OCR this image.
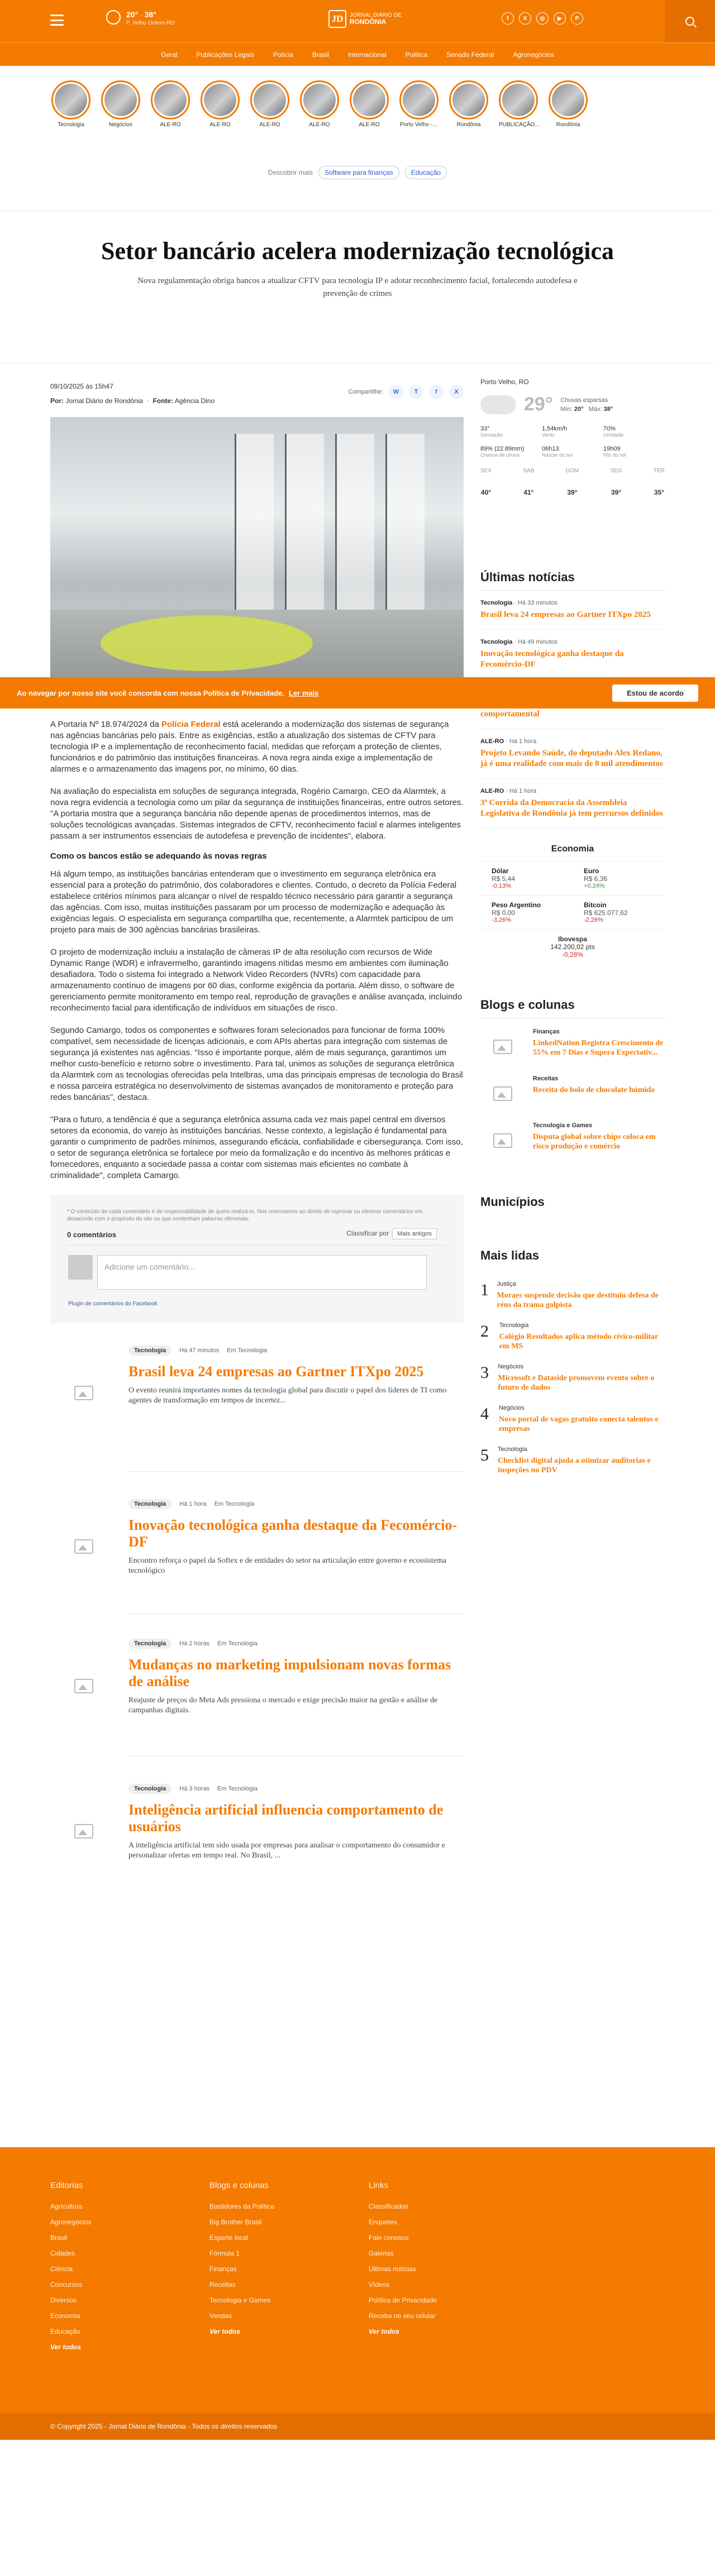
20° · 38°
P. Velho Ontem-RO	JD	JORNAL DIÁRIO DE
RONDÔNIA	f	X	◎	▶	P
Geral	Publicações Legais	Polícia	Brasil	Internacional	Política	Senado Federal	Agronegócios
Tecnologia	Negócios	ALE-RO	ALE-RO	ALE-RO	ALE-RO	ALE-RO	Porto Velho -…	Rondônia	PUBLICAÇÃO…	Rondônia
Descobrir mais	Software para finanças	Educação
Setor bancário acelera modernização tecnológica

Nova regulamentação obriga bancos a atualizar CFTV para tecnologia IP e adotar reconhecimento facial, fortalecendo autodefesa e prevenção de crimes

09/10/2025 às 15h47
Por: Jornal Diário de Rondônia  ·  Fonte: Agência Dino
Compartilhe:	W	T	f	X

A Portaria Nº 18.974/2024 da Polícia Federal está acelerando a modernização dos sistemas de segurança nas agências bancárias pelo país. Entre as exigências, estão a atualização dos sistemas de CFTV para tecnologia IP e a implementação de reconhecimento facial, medidas que reforçam a proteção de clientes, funcionários e do patrimônio das instituições financeiras. A nova regra ainda exige a implementação de alarmes e o armazenamento das imagens por, no mínimo, 60 dias.

Na avaliação do especialista em soluções de segurança integrada, Rogério Camargo, CEO da Alarmtek, a nova regra evidencia a tecnologia como um pilar da segurança de instituições financeiras, entre outros setores. "A portaria mostra que a segurança bancária não depende apenas de procedimentos internos, mas de soluções tecnológicas avançadas. Sistemas integrados de CFTV, reconhecimento facial e alarmes inteligentes passam a ser instrumentos essenciais de autodefesa e prevenção de incidentes", elabora.

Como os bancos estão se adequando às novas regras

Há algum tempo, as instituições bancárias entenderam que o investimento em segurança eletrônica era essencial para a proteção do patrimônio, dos colaboradores e clientes. Contudo, o decreto da Polícia Federal estabelece critérios mínimos para alcançar o nível de respaldo técnico necessário para garantir a segurança das agências. Com isso, muitas instituições passaram por um processo de modernização e adequação às exigências legais. O especialista em segurança compartilha que, recentemente, a Alarmtek participou de um projeto para mais de 300 agências bancárias brasileiras.

O projeto de modernização incluiu a instalação de câmeras IP de alta resolução com recursos de Wide Dynamic Range (WDR) e infravermelho, garantindo imagens nítidas mesmo em ambientes com iluminação desafiadora. Todo o sistema foi integrado a Network Video Recorders (NVRs) com capacidade para armazenamento contínuo de imagens por 60 dias, conforme exigência da portaria. Além disso, o software de gerenciamento permite monitoramento em tempo real, reprodução de gravações e análise avançada, incluindo reconhecimento facial para identificação de indivíduos em situações de risco.

Segundo Camargo, todos os componentes e softwares foram selecionados para funcionar de forma 100% compatível, sem necessidade de licenças adicionais, e com APIs abertas para integração com sistemas de segurança já existentes nas agências. "Isso é importante porque, além de mais segurança, garantimos um melhor custo-benefício e retorno sobre o investimento. Para tal, unimos as soluções de segurança eletrônica da Alarmtek com as tecnologias oferecidas pela Intelbras, uma das principais empresas de tecnologia do Brasil e nossa parceira estratégica no desenvolvimento de sistemas avançados de monitoramento e proteção para redes bancárias", destaca.

"Para o futuro, a tendência é que a segurança eletrônica assuma cada vez mais papel central em diversos setores da economia, do varejo às instituições bancárias. Nesse contexto, a legislação é fundamental para garantir o cumprimento de padrões mínimos, assegurando eficácia, confiabilidade e cibersegurança. Com isso, o setor de segurança eletrônica se fortalece por meio da formalização e do incentivo às melhores práticas e fornecedores, enquanto a sociedade passa a contar com sistemas mais eficientes no combate à criminalidade", completa Camargo.

* O conteúdo de cada comentário é de responsabilidade de quem realizá-lo. Nos reservamos ao direito de reprovar ou eliminar comentários em desacordo com o propósito do site ou que contenham palavras ofensivas.
0 comentários	Classificar por Mais antigos
Adicione um comentário...
Plugin de comentários do Facebook
Tecnologia	Há 47 minutos Em Tecnologia
Brasil leva 24 empresas ao Gartner ITXpo 2025
O evento reunirá importantes nomes da tecnologia global para discutir o papel dos líderes de TI como agentes de transformação em tempos de incertez...
Tecnologia	Há 1 hora Em Tecnologia
Inovação tecnológica ganha destaque da Fecomércio-DF
Encontro reforça o papel da Softex e de entidades do setor na articulação entre governo e ecossistema tecnológico
Tecnologia	Há 2 horas Em Tecnologia
Mudanças no marketing impulsionam novas formas de análise
Reajuste de preços do Meta Ads pressiona o mercado e exige precisão maior na gestão e análise de campanhas digitais.
Tecnologia	Há 3 horas Em Tecnologia
Inteligência artificial influencia comportamento de usuários
A inteligência artificial tem sido usada por empresas para analisar o comportamento do consumidor e personalizar ofertas em tempo real. No Brasil, ...
Porto Velho, RO
29° Chuvas esparsas
Mín: 20° Máx: 38°
33°
Sensação
1,54km/h
Vento
70%
Umidade
89% (22.89mm)
Chance de chuva
06h13
Nascer do sol
19h09
Pôr do sol
SEX
40°
SAB
41°
DOM
39°
SEG
39°
TER
35°
Últimas notícias
Tecnologia · Há 33 minutos
Brasil leva 24 empresas ao Gartner ITXpo 2025
Tecnologia · Há 49 minutos
Inovação tecnológica ganha destaque da Fecomércio-DF
comportamental
ALE-RO · Há 1 hora
Projeto Levando Saúde, do deputado Alex Redano, já é uma realidade com mais de 8 mil atendimentos
ALE-RO · Há 1 hora
3ª Corrida da Democracia da Assembleia Legislativa de Rondônia já tem percursos definidos
Economia
Dólar
R$ 5,44
-0,13%
Euro
R$ 6,36
+0,24%
Peso Argentino
R$ 0,00
-3,26%
Bitcoin
R$ 625.077,62
-2,26%
Ibovespa
142.200,02 pts
-0,28%
Blogs e colunas
Finanças
LinkedNation Registra Crescimento de 55% em 7 Dias e Supera Expectativ...
Receitas
Receita do bolo de chocolate húmido
Tecnologia e Games
Disputa global sobre chips coloca em risco produção e comércio
Municípios
Mais lidas
1 Justiça
Moraes suspende decisão que destituiu defesa de réus da trama golpista
2	Tecnologia
Colégio Resultados aplica método cívico-militar em MS
3 Negócios
Microsoft e Dataside promovem evento sobre o futuro de dados
4	Negócios
Novo portal de vagas gratuito conecta talentos e empresas
5 Tecnologia
Checklist digital ajuda a otimizar auditorias e inspeções no PDV
Ao navegar por nosso site você concorda com nossa Política de Privacidade. Ler mais	Estou de acordo
Editorias
Agricultura
Agronegócios
Brasil
Cidades
Ciência
Concursos
Diversos
Economia
Educação
Ver todos
Blogs e colunas
Bastidores da Política
Big Brother Brasil
Esporte local
Fórmula 1
Finanças
Receitas
Tecnologia e Games
Vendas
Ver todos
Links
Classificados
Enquetes
Fale conosco
Galerias
Últimas notícias
Vídeos
Política de Privacidade
Receba no seu celular
Ver todos
© Copyright 2025 - Jornal Diário de Rondônia - Todos os direitos reservados
